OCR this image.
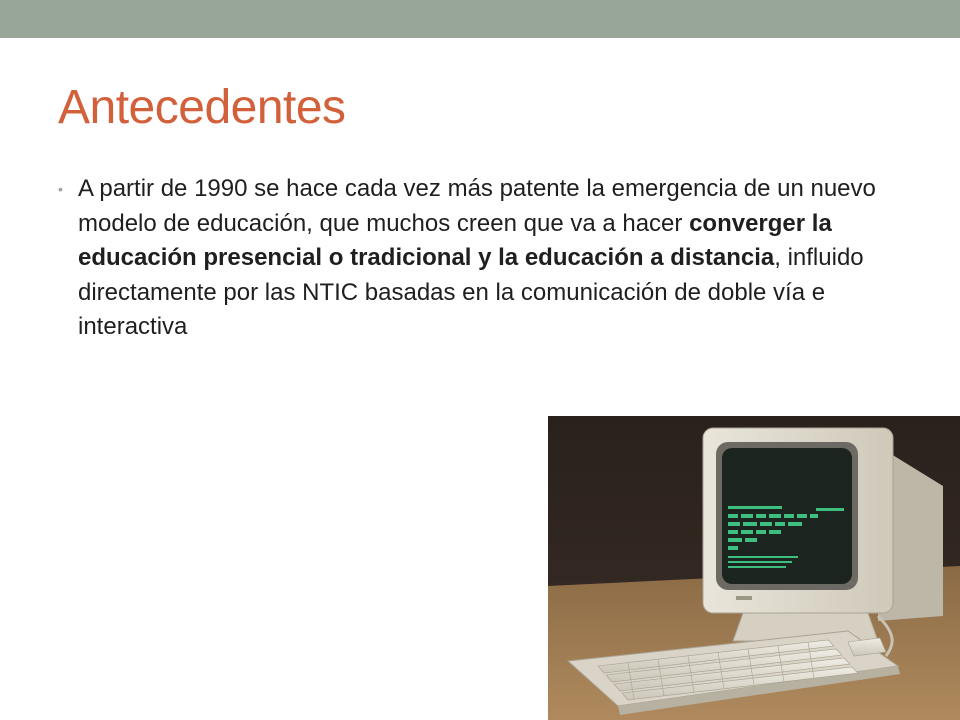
Antecedentes
• A partir de 1990 se hace cada vez más patente la emergencia de un nuevo modelo de educación, que muchos creen que va a hacer converger la educación presencial o tradicional y la educación a distancia, influido directamente por las NTIC basadas en la comunicación de doble vía e interactiva
